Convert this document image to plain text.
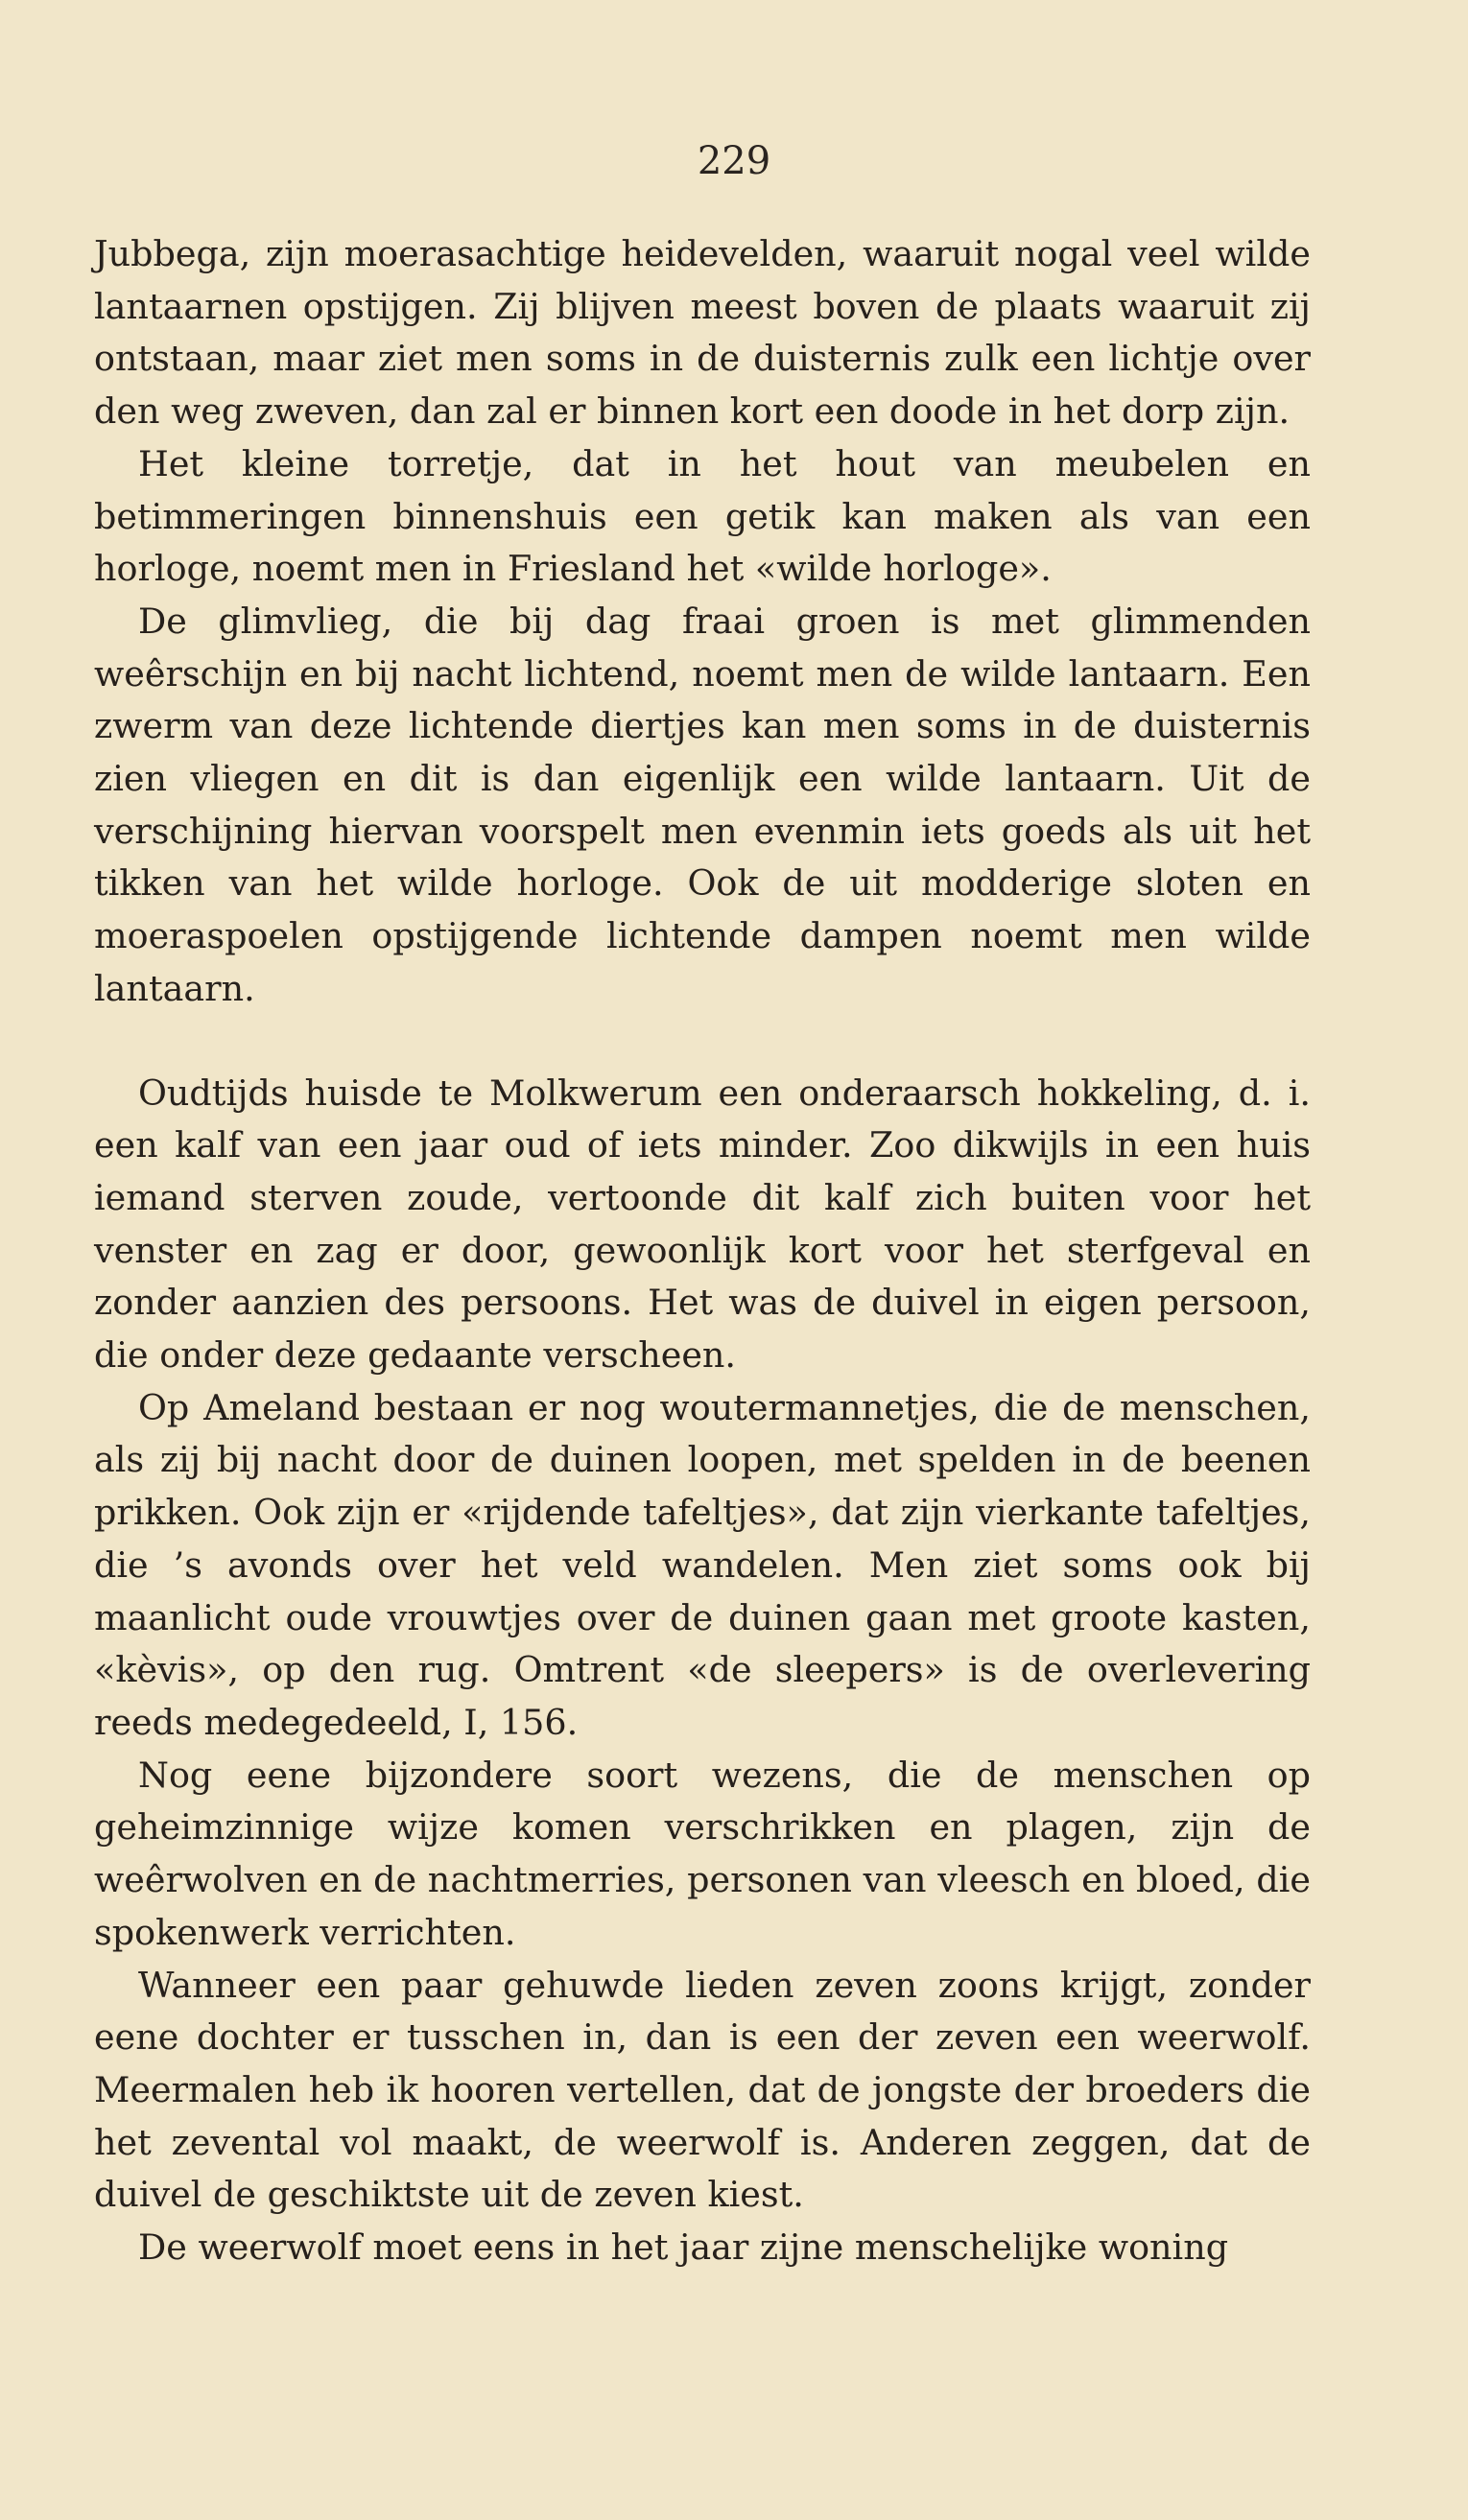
229

Jubbega, zijn moerasachtige heidevelden, waaruit nogal veel wilde lantaarnen opstijgen. Zij blijven meest boven de plaats waaruit zij ontstaan, maar ziet men soms in de duisternis zulk een lichtje over den weg zweven, dan zal er binnen kort een doode in het dorp zijn.

Het kleine torretje, dat in het hout van meubelen en betimmeringen binnenshuis een getik kan maken als van een horloge, noemt men in Friesland het «wilde horloge».

De glimvlieg, die bij dag fraai groen is met glimmenden weêrschijn en bij nacht lichtend, noemt men de wilde lantaarn. Een zwerm van deze lichtende diertjes kan men soms in de duisternis zien vliegen en dit is dan eigenlijk een wilde lantaarn. Uit de verschijning hiervan voorspelt men evenmin iets goeds als uit het tikken van het wilde horloge. Ook de uit modderige sloten en moeraspoelen opstijgende lichtende dampen noemt men wilde lantaarn.

Oudtijds huisde te Molkwerum een onderaarsch hokkeling, d. i. een kalf van een jaar oud of iets minder. Zoo dikwijls in een huis iemand sterven zoude, vertoonde dit kalf zich buiten voor het venster en zag er door, gewoonlijk kort voor het sterfgeval en zonder aanzien des persoons. Het was de duivel in eigen persoon, die onder deze gedaante verscheen.

Op Ameland bestaan er nog woutermannetjes, die de menschen, als zij bij nacht door de duinen loopen, met spelden in de beenen prikken. Ook zijn er «rijdende tafeltjes», dat zijn vierkante tafeltjes, die ’s avonds over het veld wandelen. Men ziet soms ook bij maanlicht oude vrouwtjes over de duinen gaan met groote kasten, «kèvis», op den rug. Omtrent «de sleepers» is de overlevering reeds medegedeeld, I, 156.

Nog eene bijzondere soort wezens, die de menschen op geheimzinnige wijze komen verschrikken en plagen, zijn de weêrwolven en de nachtmerries, personen van vleesch en bloed, die spokenwerk verrichten.

Wanneer een paar gehuwde lieden zeven zoons krijgt, zonder eene dochter er tusschen in, dan is een der zeven een weerwolf. Meermalen heb ik hooren vertellen, dat de jongste der broeders die het zevental vol maakt, de weerwolf is. Anderen zeggen, dat de duivel de geschiktste uit de zeven kiest.

De weerwolf moet eens in het jaar zijne menschelijke woning
